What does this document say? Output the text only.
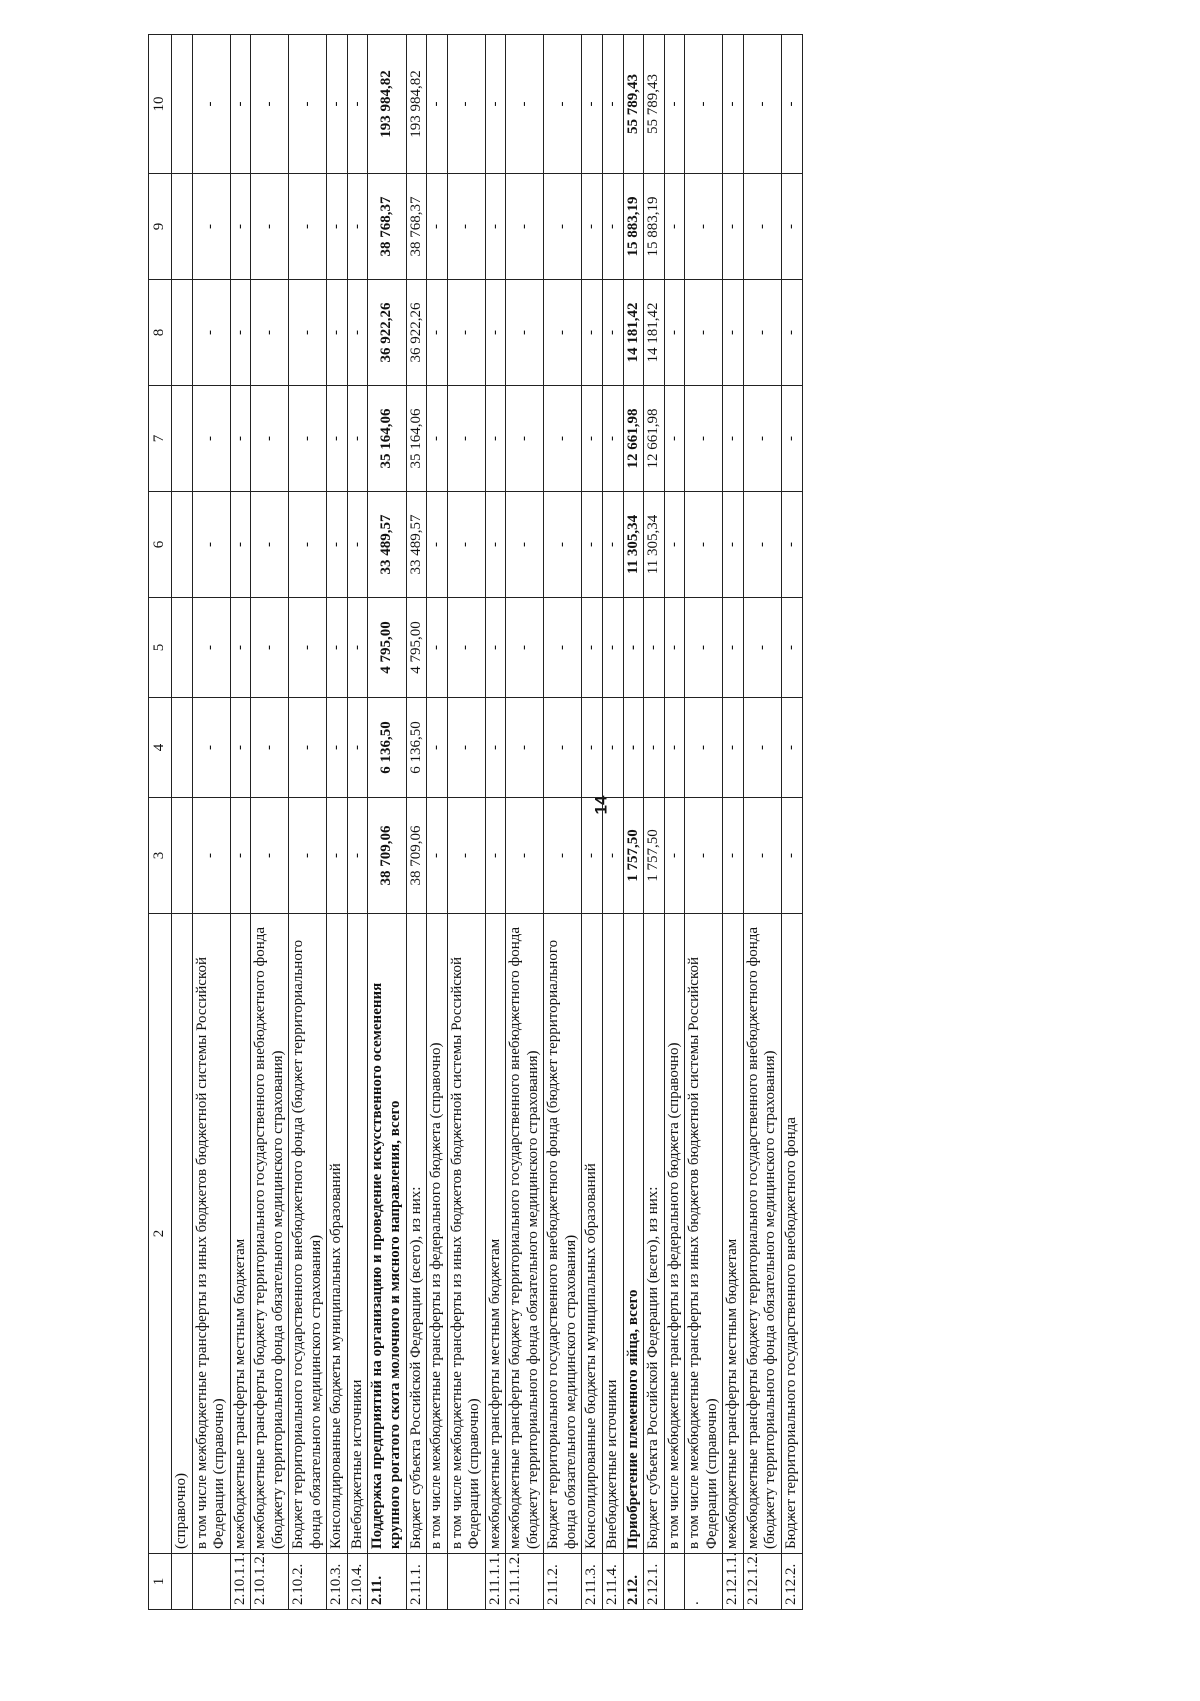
14
1	2	3	4	5	6	7	8	9	10
	(справочно)								
	в том числе межбюджетные трансферты из иных бюджетов бюджетной системы Российской Федерации (справочно)	-	-	-	-	-	-	-	-
2.10.1.1.	межбюджетные трансферты местным бюджетам	-	-	-	-	-	-	-	-
2.10.1.2.	межбюджетные трансферты бюджету территориального государственного внебюджетного фонда (бюджету территориального фонда обязательного медицинского страхования)	-	-	-	-	-	-	-	-
2.10.2.	Бюджет территориального государственного внебюджетного фонда (бюджет территориального фонда обязательного медицинского страхования)	-	-	-	-	-	-	-	-
2.10.3.	Консолидированные бюджеты муниципальных образований	-	-	-	-	-	-	-	-
2.10.4.	Внебюджетные источники	-	-	-	-	-	-	-	-
2.11.	Поддержка предприятий на организацию и проведение искусственного осеменения крупного рогатого скота молочного и мясного направления, всего	38 709,06	6 136,50	4 795,00	33 489,57	35 164,06	36 922,26	38 768,37	193 984,82
2.11.1.	Бюджет субъекта Российской Федерации (всего), из них:	38 709,06	6 136,50	4 795,00	33 489,57	35 164,06	36 922,26	38 768,37	193 984,82
	в том числе межбюджетные трансферты из федерального бюджета (справочно)	-	-	-	-	-	-	-	-
	в том числе межбюджетные трансферты из иных бюджетов бюджетной системы Российской Федерации (справочно)	-	-	-	-	-	-	-	-
2.11.1.1.	межбюджетные трансферты местным бюджетам	-	-	-	-	-	-	-	-
2.11.1.2.	межбюджетные трансферты бюджету территориального государственного внебюджетного фонда (бюджету территориального фонда обязательного медицинского страхования)	-	-	-	-	-	-	-	-
2.11.2.	Бюджет территориального государственного внебюджетного фонда (бюджет территориального фонда обязательного медицинского страхования)	-	-	-	-	-	-	-	-
2.11.3.	Консолидированные бюджеты муниципальных образований	-	-	-	-	-	-	-	-
2.11.4.	Внебюджетные источники	-	-	-	-	-	-	-	-
2.12.	Приобретение племенного яйца, всего	1 757,50	-	-	11 305,34	12 661,98	14 181,42	15 883,19	55 789,43
2.12.1.	Бюджет субъекта Российской Федерации (всего), из них:	1 757,50	-	-	11 305,34	12 661,98	14 181,42	15 883,19	55 789,43
	в том числе межбюджетные трансферты из федерального бюджета (справочно)	-	-	-	-	-	-	-	-
.	в том числе межбюджетные трансферты из иных бюджетов бюджетной системы Российской Федерации (справочно)	-	-	-	-	-	-	-	-
2.12.1.1.	межбюджетные трансферты местным бюджетам	-	-	-	-	-	-	-	-
2.12.1.2.	межбюджетные трансферты бюджету территориального государственного внебюджетного фонда (бюджету территориального фонда обязательного медицинского страхования)	-	-	-	-	-	-	-	-
2.12.2.	Бюджет территориального государственного внебюджетного фонда	-	-	-	-	-	-	-	-
